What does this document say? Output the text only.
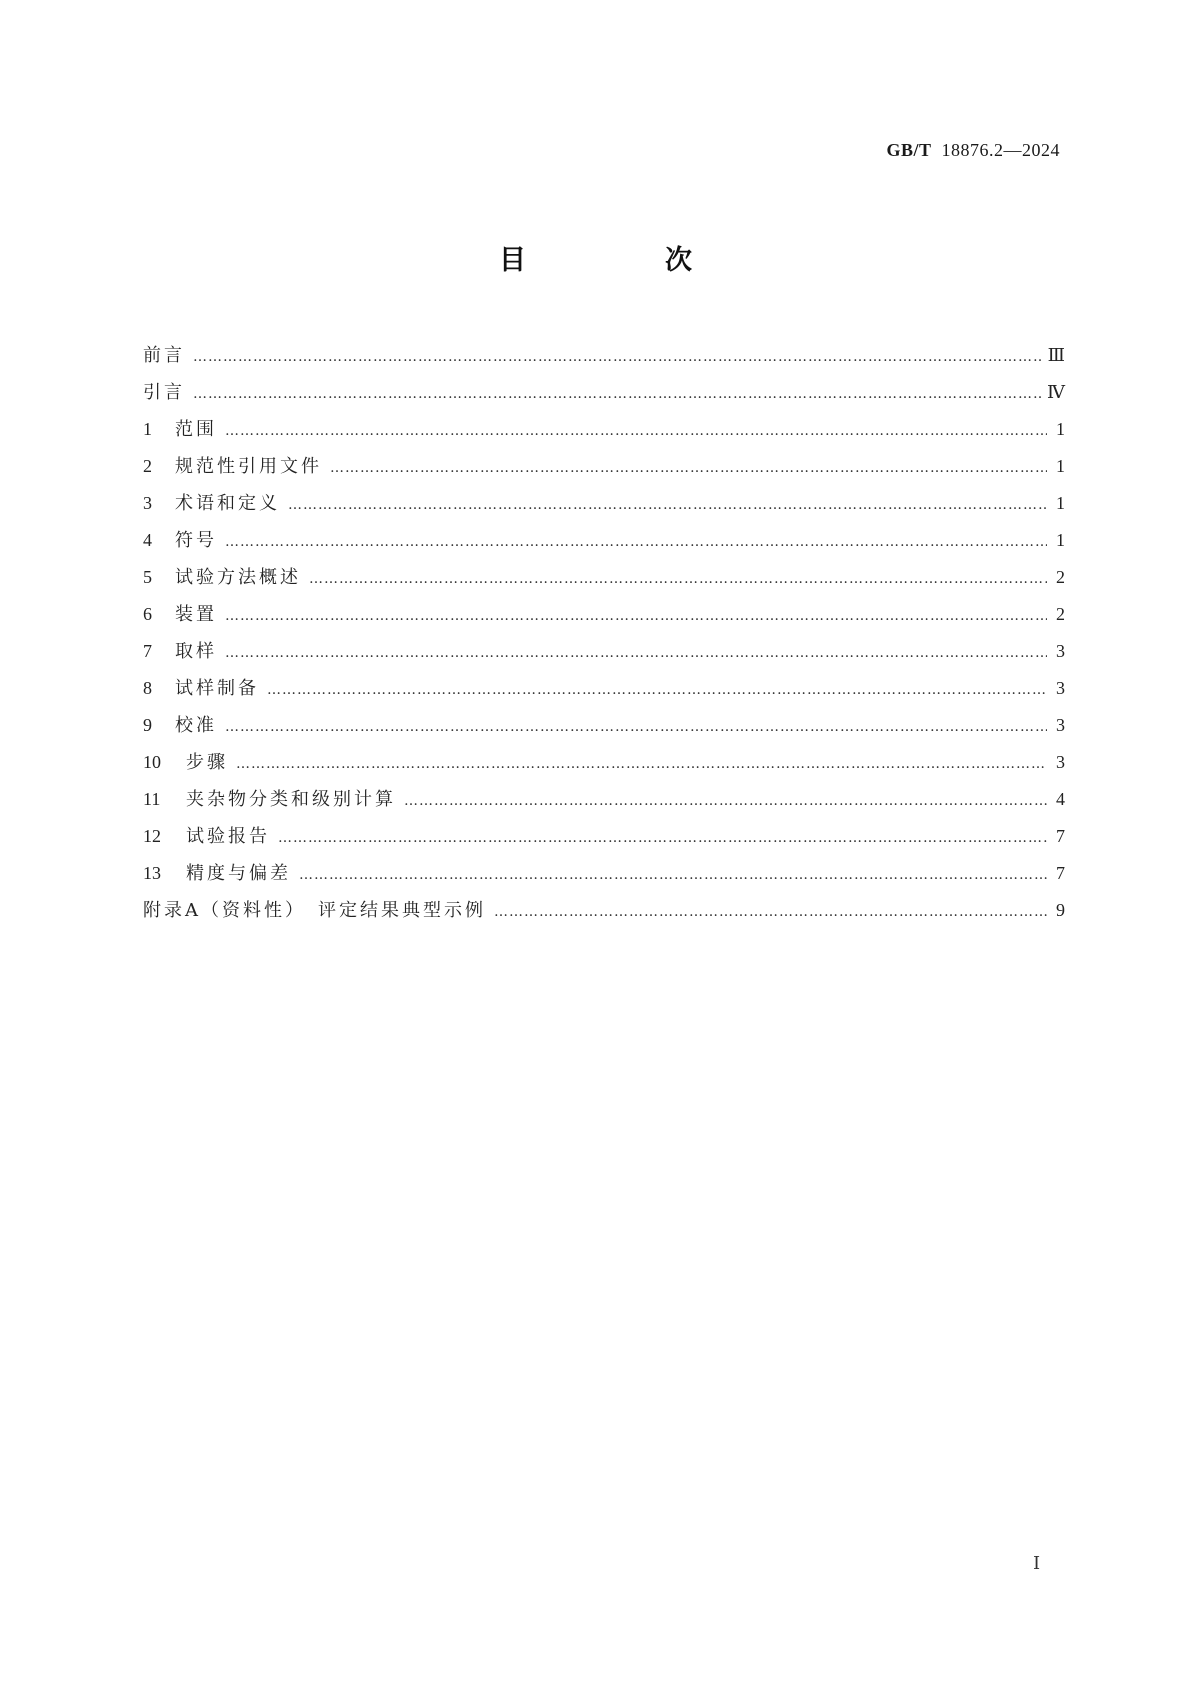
GB/T 18876.2—2024
目　次
前言 …………………………………………………………………………………………………………………………………………………………………………………………………………………	Ⅲ
引言 …………………………………………………………………………………………………………………………………………………………………………………………………………………	Ⅳ
1	范围 …………………………………………………………………………………………………………………………………………………………………………………………………………………	1
2	规范性引用文件 …………………………………………………………………………………………………………………………………………………………………………………………………………………	1
3	术语和定义 …………………………………………………………………………………………………………………………………………………………………………………………………………………	1
4	符号 …………………………………………………………………………………………………………………………………………………………………………………………………………………	1
5	试验方法概述 …………………………………………………………………………………………………………………………………………………………………………………………………………………	2
6	装置 …………………………………………………………………………………………………………………………………………………………………………………………………………………	2
7	取样 …………………………………………………………………………………………………………………………………………………………………………………………………………………	3
8	试样制备 …………………………………………………………………………………………………………………………………………………………………………………………………………………	3
9	校准 …………………………………………………………………………………………………………………………………………………………………………………………………………………	3
10	步骤 …………………………………………………………………………………………………………………………………………………………………………………………………………………	3
11	夹杂物分类和级别计算 …………………………………………………………………………………………………………………………………………………………………………………………………………………	4
12	试验报告 …………………………………………………………………………………………………………………………………………………………………………………………………………………	7
13	精度与偏差 …………………………………………………………………………………………………………………………………………………………………………………………………………………	7
附录A（资料性）　评定结果典型示例 …………………………………………………………………………………………………………………………………………………………………………………………………………………	9
Ⅰ
